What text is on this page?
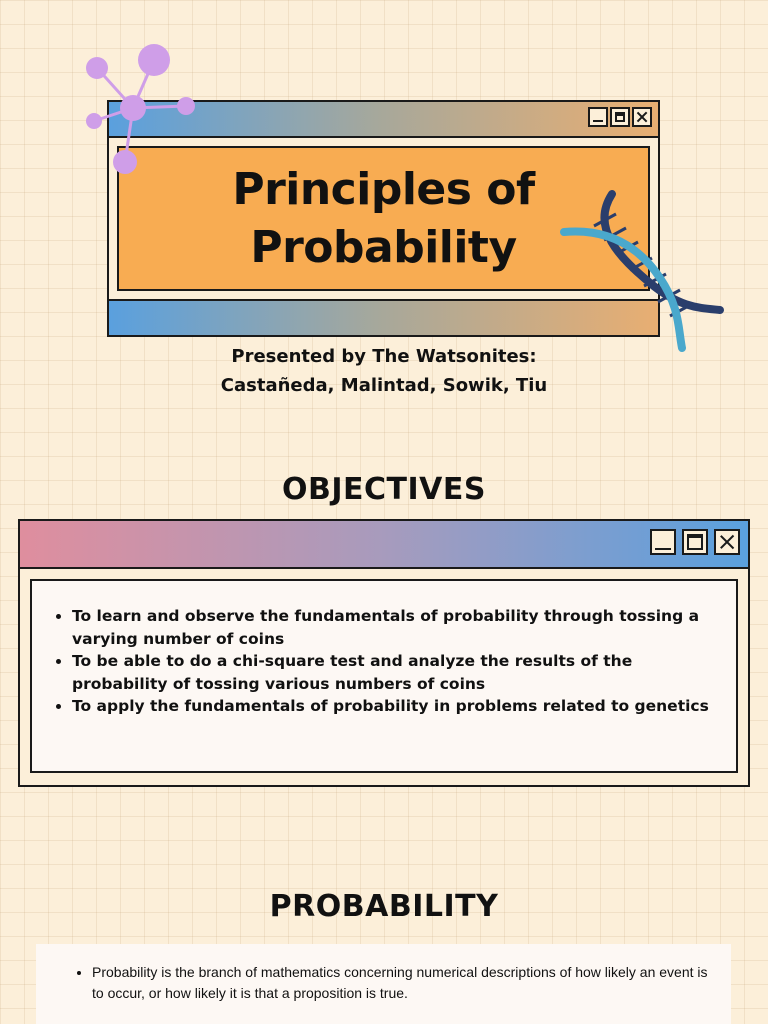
Principles of Probability
Presented by The Watsonites:
Castañeda, Malintad, Sowik, Tiu
OBJECTIVES
• To learn and observe the fundamentals of probability through tossing a varying number of coins
• To be able to do a chi-square test and analyze the results of the probability of tossing various numbers of coins
• To apply the fundamentals of probability in problems related to genetics
PROBABILITY
• Probability is the branch of mathematics concerning numerical descriptions of how likely an event is to occur, or how likely it is that a proposition is true.
